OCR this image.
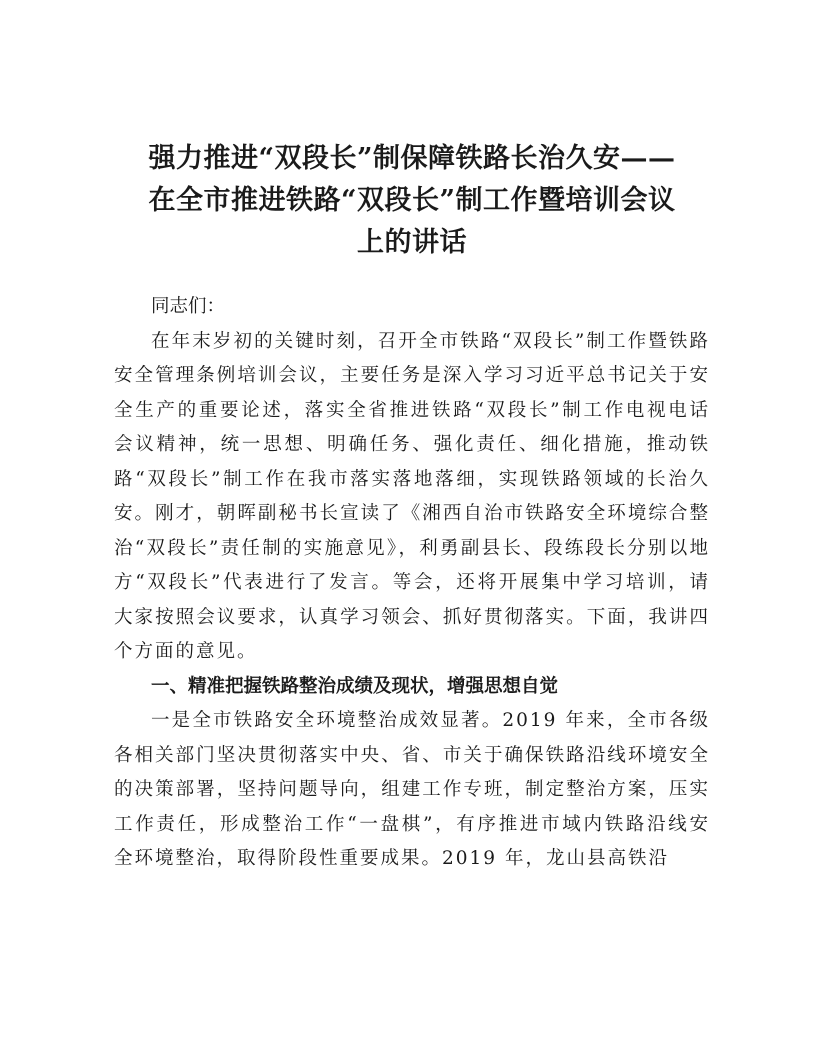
强力推进“双段长”制保障铁路长治久安——
在全市推进铁路“双段长”制工作暨培训会议
上的讲话

同志们：

在年末岁初的关键时刻，召开全市铁路“双段长”制工作暨铁路安全管理条例培训会议，主要任务是深入学习习近平总书记关于安全生产的重要论述，落实全省推进铁路“双段长”制工作电视电话会议精神，统一思想、明确任务、强化责任、细化措施，推动铁路“双段长”制工作在我市落实落地落细，实现铁路领域的长治久安。刚才，朝晖副秘书长宣读了《湘西自治市铁路安全环境综合整治“双段长”责任制的实施意见》，利勇副县长、段练段长分别以地方“双段长”代表进行了发言。等会，还将开展集中学习培训，请大家按照会议要求，认真学习领会、抓好贯彻落实。下面，我讲四个方面的意见。

一、精准把握铁路整治成绩及现状，增强思想自觉

一是全市铁路安全环境整治成效显著。2019 年来，全市各级各相关部门坚决贯彻落实中央、省、市关于确保铁路沿线环境安全的决策部署，坚持问题导向，组建工作专班，制定整治方案，压实工作责任，形成整治工作“一盘棋”，有序推进市域内铁路沿线安全环境整治，取得阶段性重要成果。2019 年，龙山县高铁沿
